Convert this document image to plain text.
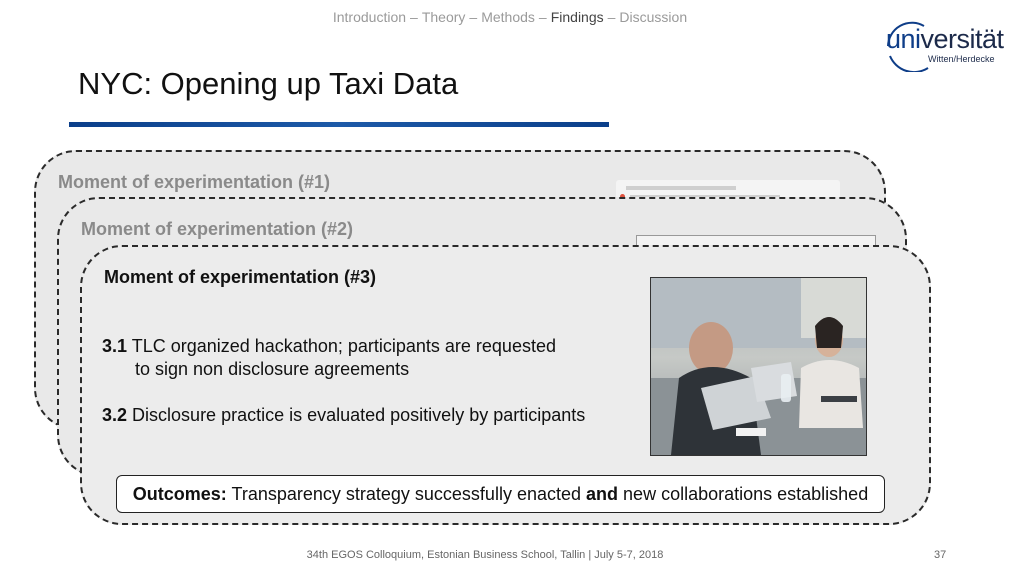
Introduction – Theory – Methods – Findings – Discussion
universität
Witten/Herdecke
NYC: Opening up Taxi Data
Moment of experimentation (#1)
Moment of experimentation (#2)
Moment of experimentation (#3)
3.1 TLC organized hackathon; participants are requested
to sign non disclosure agreements
3.2 Disclosure practice is evaluated positively by participants
Outcomes: Transparency strategy successfully enacted and new collaborations established
34th EGOS Colloquium, Estonian Business School, Tallin | July 5-7, 2018	37
